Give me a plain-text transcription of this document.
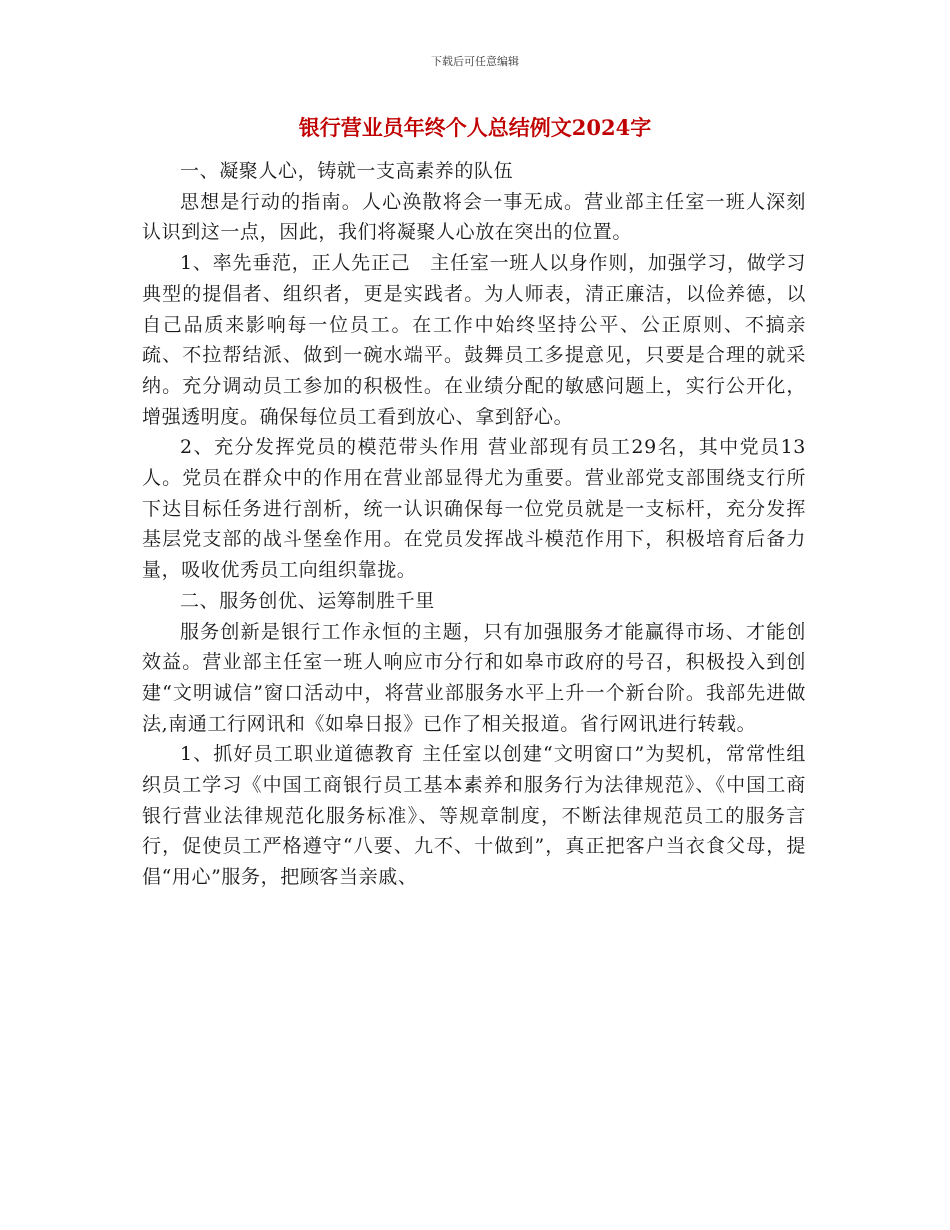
下载后可任意编辑
银行营业员年终个人总结例文2024字

一、凝聚人心，铸就一支高素养的队伍

思想是行动的指南。人心涣散将会一事无成。营业部主任室一班人深刻认识到这一点，因此，我们将凝聚人心放在突出的位置。

1、率先垂范，正人先正己　主任室一班人以身作则，加强学习，做学习典型的提倡者、组织者，更是实践者。为人师表，清正廉洁，以俭养德，以自己品质来影响每一位员工。在工作中始终坚持公平、公正原则、不搞亲疏、不拉帮结派、做到一碗水端平。鼓舞员工多提意见，只要是合理的就采纳。充分调动员工参加的积极性。在业绩分配的敏感问题上，实行公开化，增强透明度。确保每位员工看到放心、拿到舒心。

2、充分发挥党员的模范带头作用 营业部现有员工29名，其中党员13人。党员在群众中的作用在营业部显得尤为重要。营业部党支部围绕支行所下达目标任务进行剖析，统一认识确保每一位党员就是一支标杆，充分发挥基层党支部的战斗堡垒作用。在党员发挥战斗模范作用下，积极培育后备力量，吸收优秀员工向组织靠拢。

二、服务创优、运筹制胜千里

服务创新是银行工作永恒的主题，只有加强服务才能赢得市场、才能创效益。营业部主任室一班人响应市分行和如皋市政府的号召，积极投入到创建“文明诚信”窗口活动中，将营业部服务水平上升一个新台阶。我部先进做法,南通工行网讯和《如皋日报》已作了相关报道。省行网讯进行转载。

1、抓好员工职业道德教育 主任室以创建“文明窗口”为契机，常常性组织员工学习《中国工商银行员工基本素养和服务行为法律规范》、《中国工商银行营业法律规范化服务标准》、等规章制度，不断法律规范员工的服务言行，促使员工严格遵守“八要、九不、十做到”，真正把客户当衣食父母，提倡“用心”服务，把顾客当亲戚、
